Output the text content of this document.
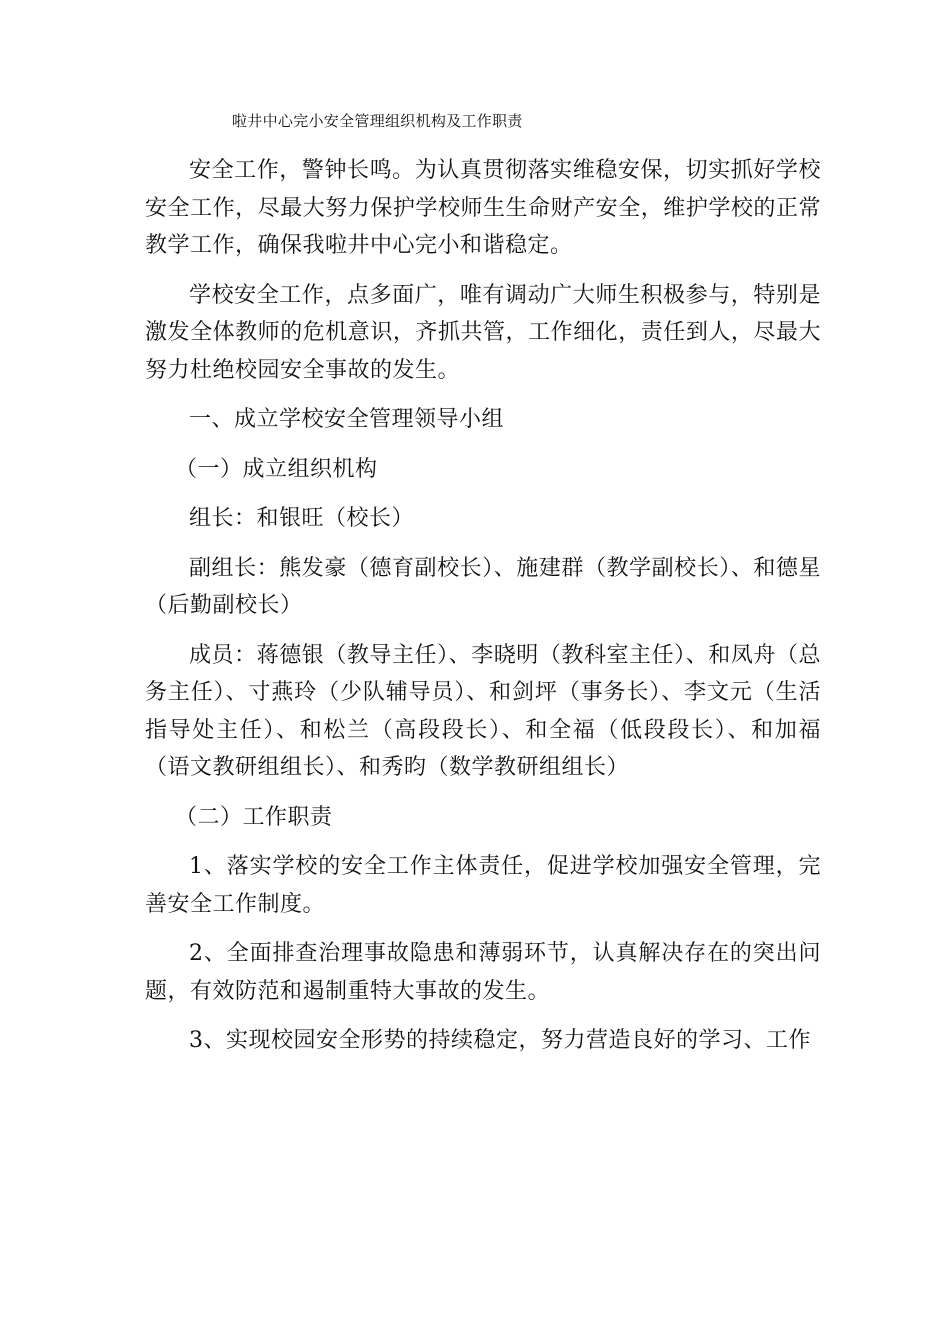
啦井中心完小安全管理组织机构及工作职责

安全工作，警钟长鸣。为认真贯彻落实维稳安保，切实抓好学校安全工作，尽最大努力保护学校师生生命财产安全，维护学校的正常教学工作，确保我啦井中心完小和谐稳定。

学校安全工作，点多面广，唯有调动广大师生积极参与，特别是激发全体教师的危机意识，齐抓共管，工作细化，责任到人，尽最大努力杜绝校园安全事故的发生。

一、成立学校安全管理领导小组

（一）成立组织机构

组长：和银旺（校长）

副组长：熊发豪（德育副校长）、施建群（教学副校长）、和德星（后勤副校长）

成员：蒋德银（教导主任）、李晓明（教科室主任）、和凤舟（总务主任）、寸燕玲（少队辅导员）、和剑坪（事务长）、李文元（生活指导处主任）、和松兰（高段段长）、和全福（低段段长）、和加福（语文教研组组长）、和秀昀（数学教研组组长）

（二）工作职责

1、落实学校的安全工作主体责任，促进学校加强安全管理，完善安全工作制度。

2、全面排查治理事故隐患和薄弱环节，认真解决存在的突出问题，有效防范和遏制重特大事故的发生。

3、实现校园安全形势的持续稳定，努力营造良好的学习、工作
